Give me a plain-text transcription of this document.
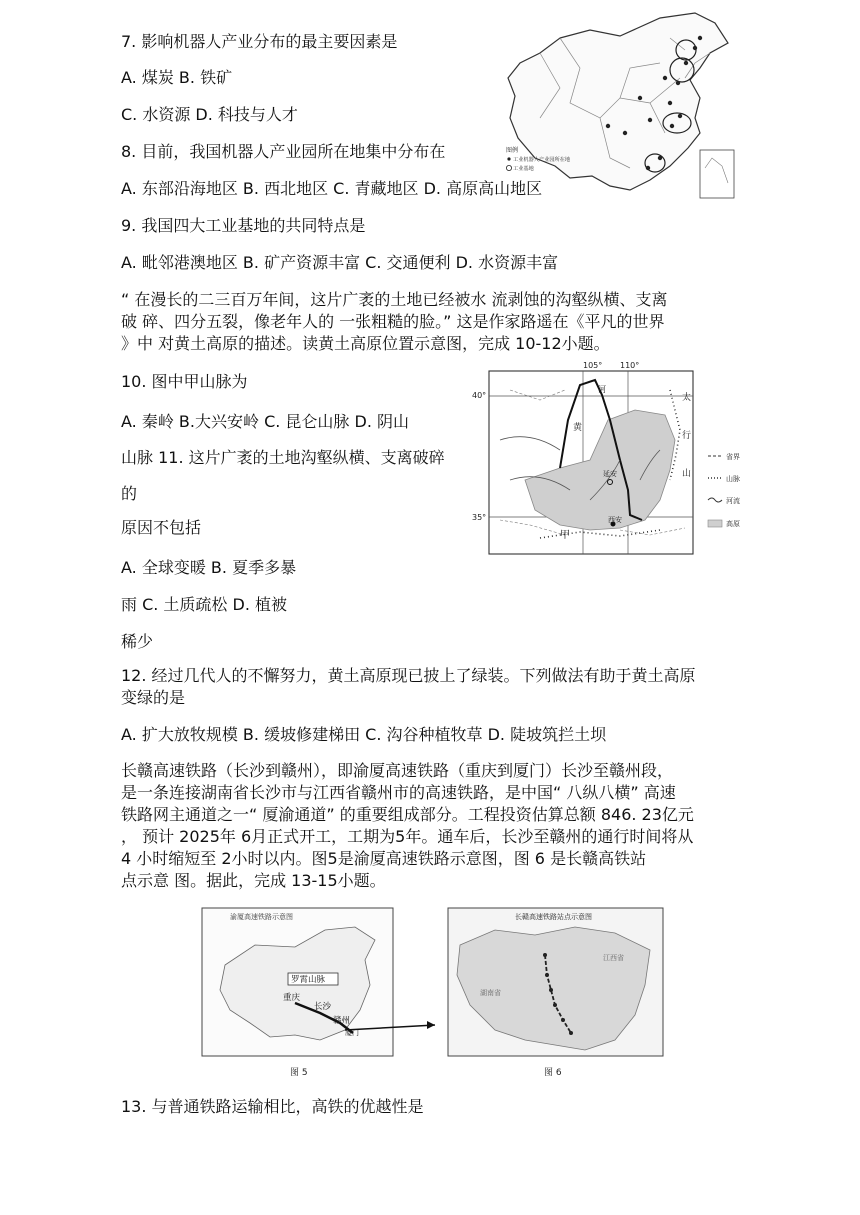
7. 影响机器人产业分布的最主要因素是
A. 煤炭 B. 铁矿
C. 水资源 D. 科技与人才
8. 目前，我国机器人产业园所在地集中分布在
A. 东部沿海地区 B. 西北地区 C. 青藏地区 D. 高原高山地区
9. 我国四大工业基地的共同特点是
A. 毗邻港澳地区 B. 矿产资源丰富 C. 交通便利 D. 水资源丰富
“ 在漫长的二三百万年间，这片广袤的土地已经被水 流剥蚀的沟壑纵横、支离
破 碎、四分五裂，像老年人的 一张粗糙的脸。” 这是作家路遥在《平凡的世界
》中 对黄土高原的描述。读黄土高原位置示意图，完成 10-12小题。
10. 图中甲山脉为
A. 秦岭 B.大兴安岭 C. 昆仑山脉 D. 阴山
山脉 11. 这片广袤的土地沟壑纵横、支离破碎
的
原因不包括
A. 全球变暖 B. 夏季多暴
雨 C. 土质疏松 D. 植被
稀少
12. 经过几代人的不懈努力，黄土高原现已披上了绿装。下列做法有助于黄土高原
变绿的是
A. 扩大放牧规模 B. 缓坡修建梯田 C. 沟谷种植牧草 D. 陡坡筑拦土坝
长赣高速铁路（长沙到赣州），即渝厦高速铁路（重庆到厦门）长沙至赣州段，
是一条连接湖南省长沙市与江西省赣州市的高速铁路，是中国“ 八纵八横” 高速
铁路网主通道之一“ 厦渝通道” 的重要组成部分。工程投资估算总额 846. 23亿元
， 预计 2025年 6月正式开工，工期为5年。通车后，长沙至赣州的通行时间将从
4 小时缩短至 2小时以内。图5是渝厦高速铁路示意图，图 6 是长赣高铁站
点示意 图。据此，完成 13-15小题。
13. 与普通铁路运输相比，高铁的优越性是
图例
工业机器人产业园所在地
工业基地
105° 110°
40°
35°
河
黄
太
行
山
延安
西安
甲
省界
山脉
河流
高原
渝厦高速铁路示意图
罗霄山脉
重庆
长沙
赣州
厦门
图 5
长赣高速铁路站点示意图
湖南省
江西省
图 6
